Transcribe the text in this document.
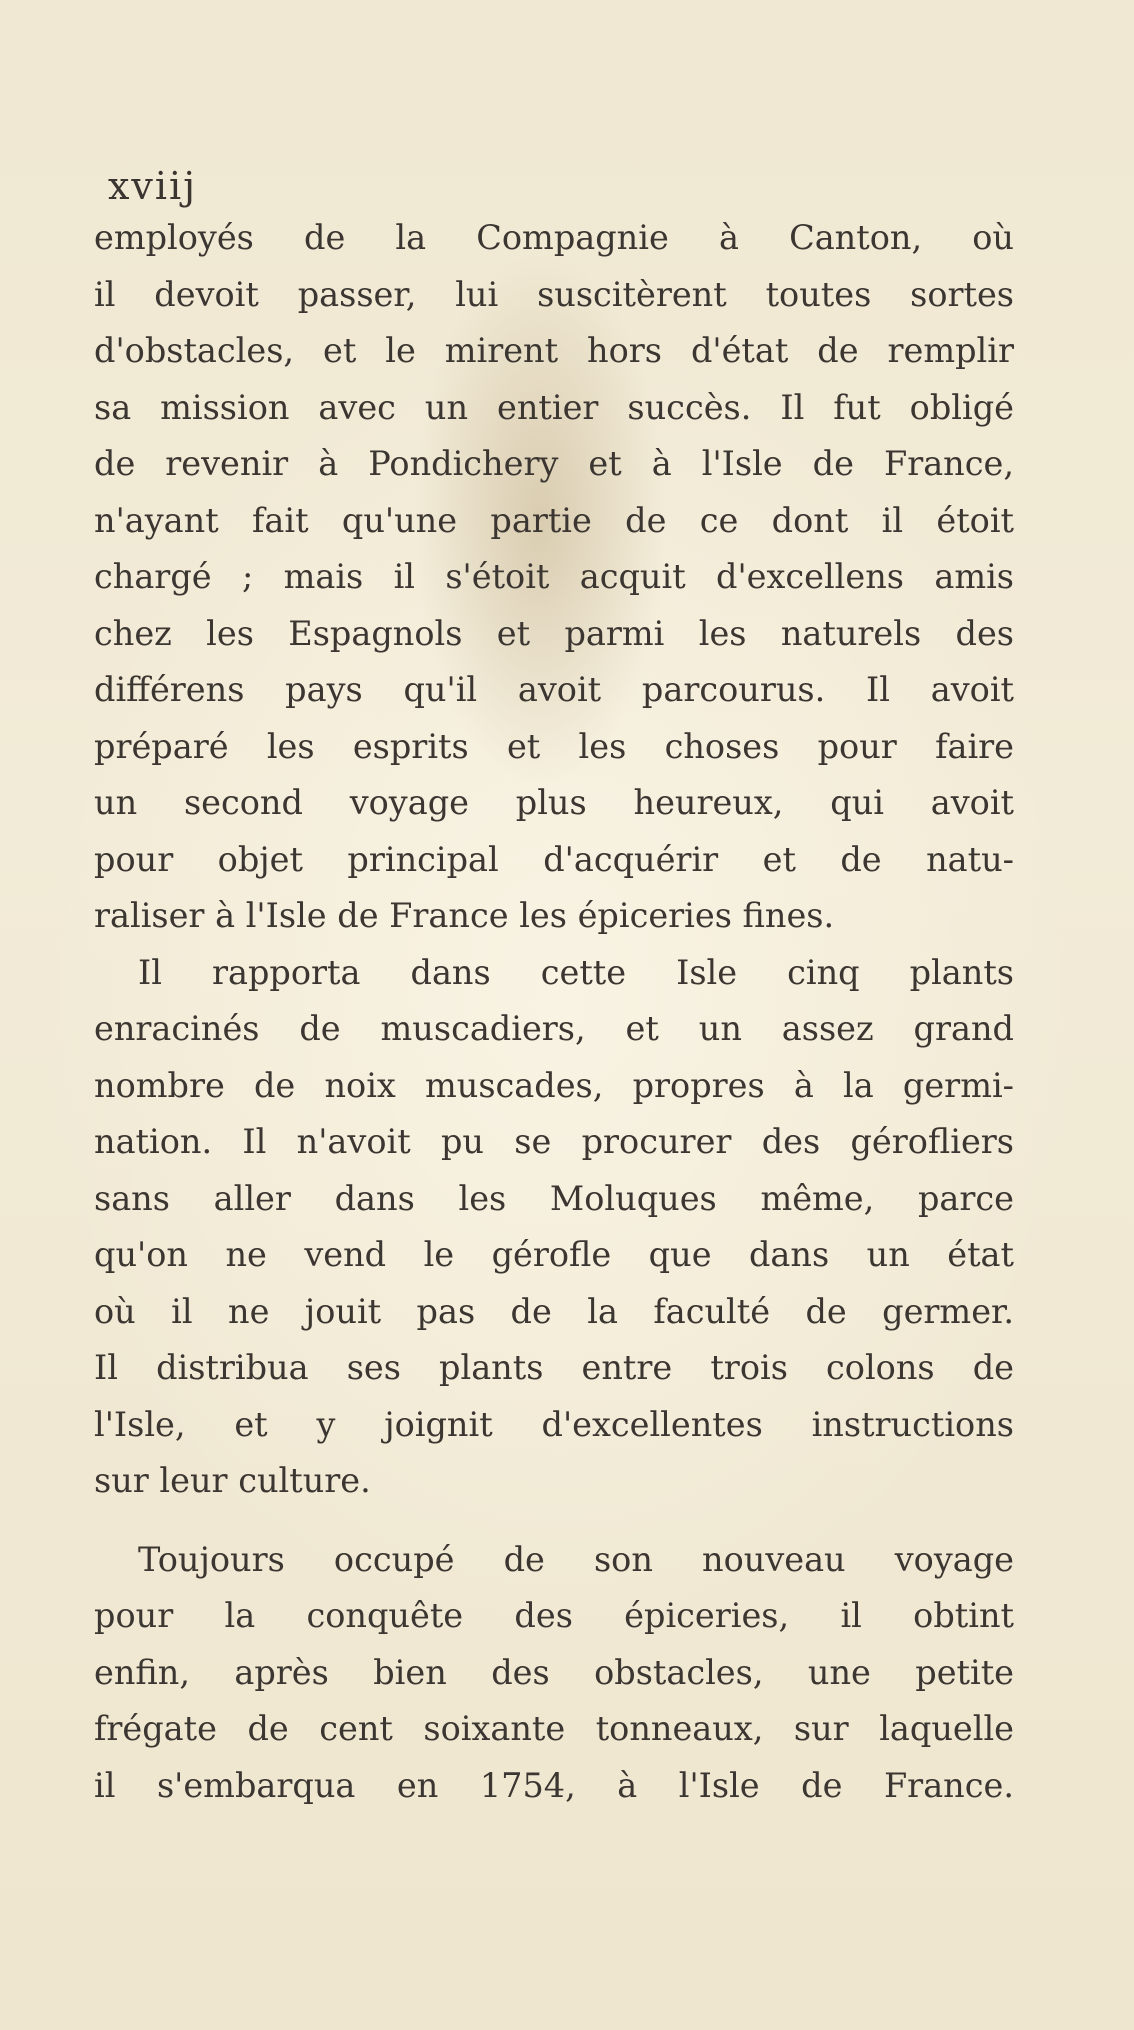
xviij
employés de la Compagnie à Canton, où
il devoit passer, lui suscitèrent toutes sortes
d'obstacles, et le mirent hors d'état de remplir
sa mission avec un entier succès. Il fut obligé
de revenir à Pondichery et à l'Isle de France,
n'ayant fait qu'une partie de ce dont il étoit
chargé ; mais il s'étoit acquit d'excellens amis
chez les Espagnols et parmi les naturels des
différens pays qu'il avoit parcourus. Il avoit
préparé les esprits et les choses pour faire
un second voyage plus heureux, qui avoit
pour objet principal d'acquérir et de natu-
raliser à l'Isle de France les épiceries fines.
Il rapporta dans cette Isle cinq plants
enracinés de muscadiers, et un assez grand
nombre de noix muscades, propres à la germi-
nation. Il n'avoit pu se procurer des gérofliers
sans aller dans les Moluques même, parce
qu'on ne vend le gérofle que dans un état
où il ne jouit pas de la faculté de germer.
Il distribua ses plants entre trois colons de
l'Isle, et y joignit d'excellentes instructions
sur leur culture.
Toujours occupé de son nouveau voyage
pour la conquête des épiceries, il obtint
enfin, après bien des obstacles, une petite
frégate de cent soixante tonneaux, sur laquelle
il s'embarqua en 1754, à l'Isle de France.
